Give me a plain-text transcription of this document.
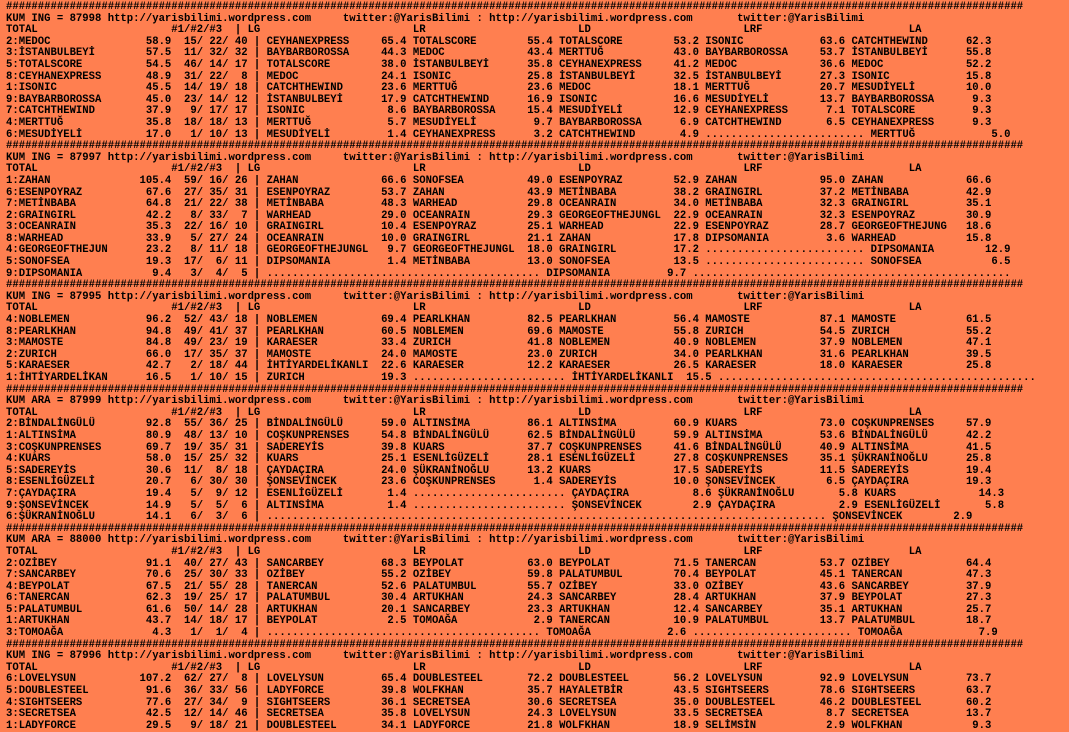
################################################################################################################################################################
KUM ING = 87998 http://yarisbilimi.wordpress.com     twitter:@YarisBilimi : http://yarisbilimi.wordpress.com       twitter:@YarisBilimi
TOTAL                     #1/#2/#3  | LG                        LR                        LD                        LRF                       LA
2:MEDOC               58.9  15/ 22/ 40 | CEYHANEXPRESS     65.4 TOTALSCORE        55.4 TOTALSCORE        53.2 ISONIC            63.6 CATCHTHEWIND      62.3
3:İSTANBULBEYİ        57.5  11/ 32/ 32 | BAYBARBOROSSA     44.3 MEDOC             43.4 MERTTUĞ           43.0 BAYBARBOROSSA     53.7 İSTANBULBEYİ      55.8
5:TOTALSCORE          54.5  46/ 14/ 17 | TOTALSCORE        38.0 İSTANBULBEYİ      35.8 CEYHANEXPRESS     41.2 MEDOC             36.6 MEDOC             52.2
8:CEYHANEXPRESS       48.9  31/ 22/  8 | MEDOC             24.1 ISONIC            25.8 İSTANBULBEYİ      32.5 İSTANBULBEYİ      27.3 ISONIC            15.8
1:ISONIC              45.5  14/ 19/ 18 | CATCHTHEWIND      23.6 MERTTUĞ           23.6 MEDOC             18.1 MERTTUĞ           20.7 MESUDİYELİ        10.0
9:BAYBARBOROSSA       45.0  23/ 14/ 12 | İSTANBULBEYİ      17.9 CATCHTHEWIND      16.9 ISONIC            16.6 MESUDİYELİ        13.7 BAYBARBOROSSA      9.3
7:CATCHTHEWIND        37.9   9/ 17/ 17 | ISONIC             8.6 BAYBARBOROSSA     15.4 MESUDİYELİ        12.9 CEYHANEXPRESS      7.1 TOTALSCORE         9.3
4:MERTTUĞ             35.8  18/ 18/ 13 | MERTTUĞ            5.7 MESUDİYELİ         9.7 BAYBARBOROSSA      6.9 CATCHTHEWIND       6.5 CEYHANEXPRESS      9.3
6:MESUDİYELİ          17.0   1/ 10/ 13 | MESUDİYELİ         1.4 CEYHANEXPRESS      3.2 CATCHTHEWIND       4.9 ......................... MERTTUĞ            5.0
################################################################################################################################################################
KUM ING = 87997 http://yarisbilimi.wordpress.com     twitter:@YarisBilimi : http://yarisbilimi.wordpress.com       twitter:@YarisBilimi
TOTAL                     #1/#2/#3  | LG                        LR                        LD                        LRF                       LA
1:ZAHAN              105.4  59/ 16/ 26 | ZAHAN             66.6 SONOFSEA          49.0 ESENPOYRAZ        52.9 ZAHAN             95.0 ZAHAN             66.6
6:ESENPOYRAZ          67.6  27/ 35/ 31 | ESENPOYRAZ        53.7 ZAHAN             43.9 METİNBABA         38.2 GRAINGIRL         37.2 METİNBABA         42.9
7:METİNBABA           64.8  21/ 22/ 38 | METİNBABA         48.3 WARHEAD           29.8 OCEANRAIN         34.0 METİNBABA         32.3 GRAINGIRL         35.1
2:GRAINGIRL           42.2   8/ 33/  7 | WARHEAD           29.0 OCEANRAIN         29.3 GEORGEOFTHEJUNGL  22.9 OCEANRAIN         32.3 ESENPOYRAZ        30.9
3:OCEANRAIN           35.3  22/ 16/ 10 | GRAINGIRL         10.4 ESENPOYRAZ        25.1 WARHEAD           22.9 ESENPOYRAZ        28.7 GEORGEOFTHEJUNG   18.6
8:WARHEAD             33.9   5/ 27/ 24 | OCEANRAIN         10.0 GRAINGIRL         21.1 ZAHAN             17.8 DIPSOMANIA         3.6 WARHEAD           15.8
4:GEORGEOFTHEJUN      23.2   8/ 11/ 18 | GEORGEOFTHEJUNGL   9.7 GEORGEOFTHEJUNGL  18.0 GRAINGIRL         17.2 ......................... DIPSOMANIA        12.9
5:SONOFSEA            19.3  17/  6/ 11 | DIPSOMANIA         1.4 METİNBABA         13.0 SONOFSEA          13.5 ......................... SONOFSEA           6.5
9:DIPSOMANIA           9.4   3/  4/  5 | ........................................... DIPSOMANIA         9.7 ..................................................
################################################################################################################################################################
KUM ING = 87995 http://yarisbilimi.wordpress.com     twitter:@YarisBilimi : http://yarisbilimi.wordpress.com       twitter:@YarisBilimi
TOTAL                     #1/#2/#3  | LG                        LR                        LD                        LRF                       LA
4:NOBLEMEN            96.2  52/ 43/ 18 | NOBLEMEN          69.4 PEARLKHAN         82.5 PEARLKHAN         56.4 MAMOSTE           87.1 MAMOSTE           61.5
8:PEARLKHAN           94.8  49/ 41/ 37 | PEARLKHAN         60.5 NOBLEMEN          69.6 MAMOSTE           55.8 ZURICH            54.5 ZURICH            55.2
3:MAMOSTE             84.8  49/ 23/ 19 | KARAESER          33.4 ZURICH            41.8 NOBLEMEN          40.9 NOBLEMEN          37.9 NOBLEMEN          47.1
2:ZURICH              66.0  17/ 35/ 37 | MAMOSTE           24.0 MAMOSTE           23.0 ZURICH            34.0 PEARLKHAN         31.6 PEARLKHAN         39.5
5:KARAESER            42.7   2/ 18/ 44 | İHTİYARDELİKANLI  22.6 KARAESER          12.2 KARAESER          26.5 KARAESER          18.0 KARAESER          25.8
1:İHTİYARDELİKAN      16.5   1/ 10/ 15 | ZURICH            19.3 ........................ İHTİYARDELİKANLI  15.5 ..................................................
################################################################################################################################################################
KUM ARA = 87999 http://yarisbilimi.wordpress.com     twitter:@YarisBilimi : http://yarisbilimi.wordpress.com       twitter:@YarisBilimi
TOTAL                     #1/#2/#3  | LG                        LR                        LD                        LRF                       LA
2:BİNDALİNGÜLÜ        92.8  55/ 36/ 25 | BİNDALİNGÜLÜ      59.0 ALTINSİMA         86.1 ALTINSİMA         60.9 KUARS             73.0 COŞKUNPRENSES     57.9
1:ALTINSİMA           80.9  48/ 13/ 10 | COŞKUNPRENSES     54.8 BİNDALİNGÜLÜ      62.5 BİNDALİNGÜLÜ      59.9 ALTINSİMA         53.6 BİNDALİNGÜLÜ      42.2
3:COŞKUNPRENSES       69.7  19/ 35/ 31 | SADEREYİS         39.8 KUARS             37.7 COŞKUNPRENSES     41.6 BİNDALİNGÜLÜ      40.9 ALTINSİMA         41.5
4:KUARS               58.0  15/ 25/ 32 | KUARS             25.1 ESENLİGÜZELİ      28.1 ESENLİGÜZELİ      27.8 COŞKUNPRENSES     35.1 ŞÜKRANİNOĞLU      25.8
5:SADEREYİS           30.6  11/  8/ 18 | ÇAYDAÇIRA         24.0 ŞÜKRANİNOĞLU      13.2 KUARS             17.5 SADEREYİS         11.5 SADEREYİS         19.4
8:ESENLİGÜZELİ        20.7   6/ 30/ 30 | ŞONSEVİNCEK       23.6 COŞKUNPRENSES      1.4 SADEREYİS         10.0 ŞONSEVİNCEK        6.5 ÇAYDAÇIRA         19.3
7:ÇAYDAÇIRA           19.4   5/  9/ 12 | ESENLİGÜZELİ       1.4 ........................ ÇAYDAÇIRA          8.6 ŞÜKRANİNOĞLU       5.8 KUARS             14.3
9:ŞONSEVİNCEK         14.9   5/  5/  6 | ALTINSİMA          1.4 ........................ ŞONSEVİNCEK        2.9 ÇAYDAÇIRA          2.9 ESENLİGÜZELİ       5.8
6:ŞÜKRANİNOĞLU        14.1   6/  3/  6 | ........................................................................................ ŞONSEVİNCEK        2.9
################################################################################################################################################################
KUM ARA = 88000 http://yarisbilimi.wordpress.com     twitter:@YarisBilimi : http://yarisbilimi.wordpress.com       twitter:@YarisBilimi
TOTAL                     #1/#2/#3  | LG                        LR                        LD                        LRF                       LA
2:OZİBEY              91.1  40/ 27/ 43 | SANCARBEY         68.3 BEYPOLAT          63.0 BEYPOLAT          71.5 TANERCAN          53.7 OZİBEY            64.4
7:SANCARBEY           70.6  25/ 30/ 33 | OZİBEY            55.2 OZİBEY            59.8 PALATUMBUL        70.4 BEYPOLAT          45.1 TANERCAN          47.3
4:BEYPOLAT            67.5  21/ 55/ 28 | TANERCAN          52.6 PALATUMBUL        55.7 OZİBEY            33.0 OZİBEY            43.6 SANCARBEY         37.9
6:TANERCAN            62.3  19/ 25/ 17 | PALATUMBUL        30.4 ARTUKHAN          24.3 SANCARBEY         28.4 ARTUKHAN          37.9 BEYPOLAT          27.3
5:PALATUMBUL          61.6  50/ 14/ 28 | ARTUKHAN          20.1 SANCARBEY         23.3 ARTUKHAN          12.4 SANCARBEY         35.1 ARTUKHAN          25.7
1:ARTUKHAN            43.7  14/ 18/ 17 | BEYPOLAT           2.5 TOMOAĞA            2.9 TANERCAN          10.9 PALATUMBUL        13.7 PALATUMBUL        18.7
3:TOMOAĞA              4.3   1/  1/  4 | ........................................... TOMOAĞA            2.6 ......................... TOMOAĞA            7.9
################################################################################################################################################################
KUM ING = 87996 http://yarisbilimi.wordpress.com     twitter:@YarisBilimi : http://yarisbilimi.wordpress.com       twitter:@YarisBilimi
TOTAL                     #1/#2/#3  | LG                        LR                        LD                        LRF                       LA
6:LOVELYSUN          107.2  62/ 27/  8 | LOVELYSUN         65.4 DOUBLESTEEL       72.2 DOUBLESTEEL       56.2 LOVELYSUN         92.9 LOVELYSUN         73.7
5:DOUBLESTEEL         91.6  36/ 33/ 56 | LADYFORCE         39.8 WOLFKHAN          35.7 HAYALETBİR        43.5 SIGHTSEERS        78.6 SIGHTSEERS        63.7
4:SIGHTSEERS          77.6  27/ 34/  9 | SIGHTSEERS        36.1 SECRETSEA         30.6 SECRETSEA         35.0 DOUBLESTEEL       46.2 DOUBLESTEEL       60.2
3:SECRETSEA           42.5  12/ 14/ 46 | SECRETSEA         35.8 LOVELYSUN         24.3 LOVELYSUN         33.5 SECRETSEA          8.7 SECRETSEA         13.7
1:LADYFORCE           29.5   9/ 18/ 21 | DOUBLESTEEL       34.1 LADYFORCE         21.8 WOLFKHAN          18.9 SELİMSİN           2.9 WOLFKHAN           9.3
